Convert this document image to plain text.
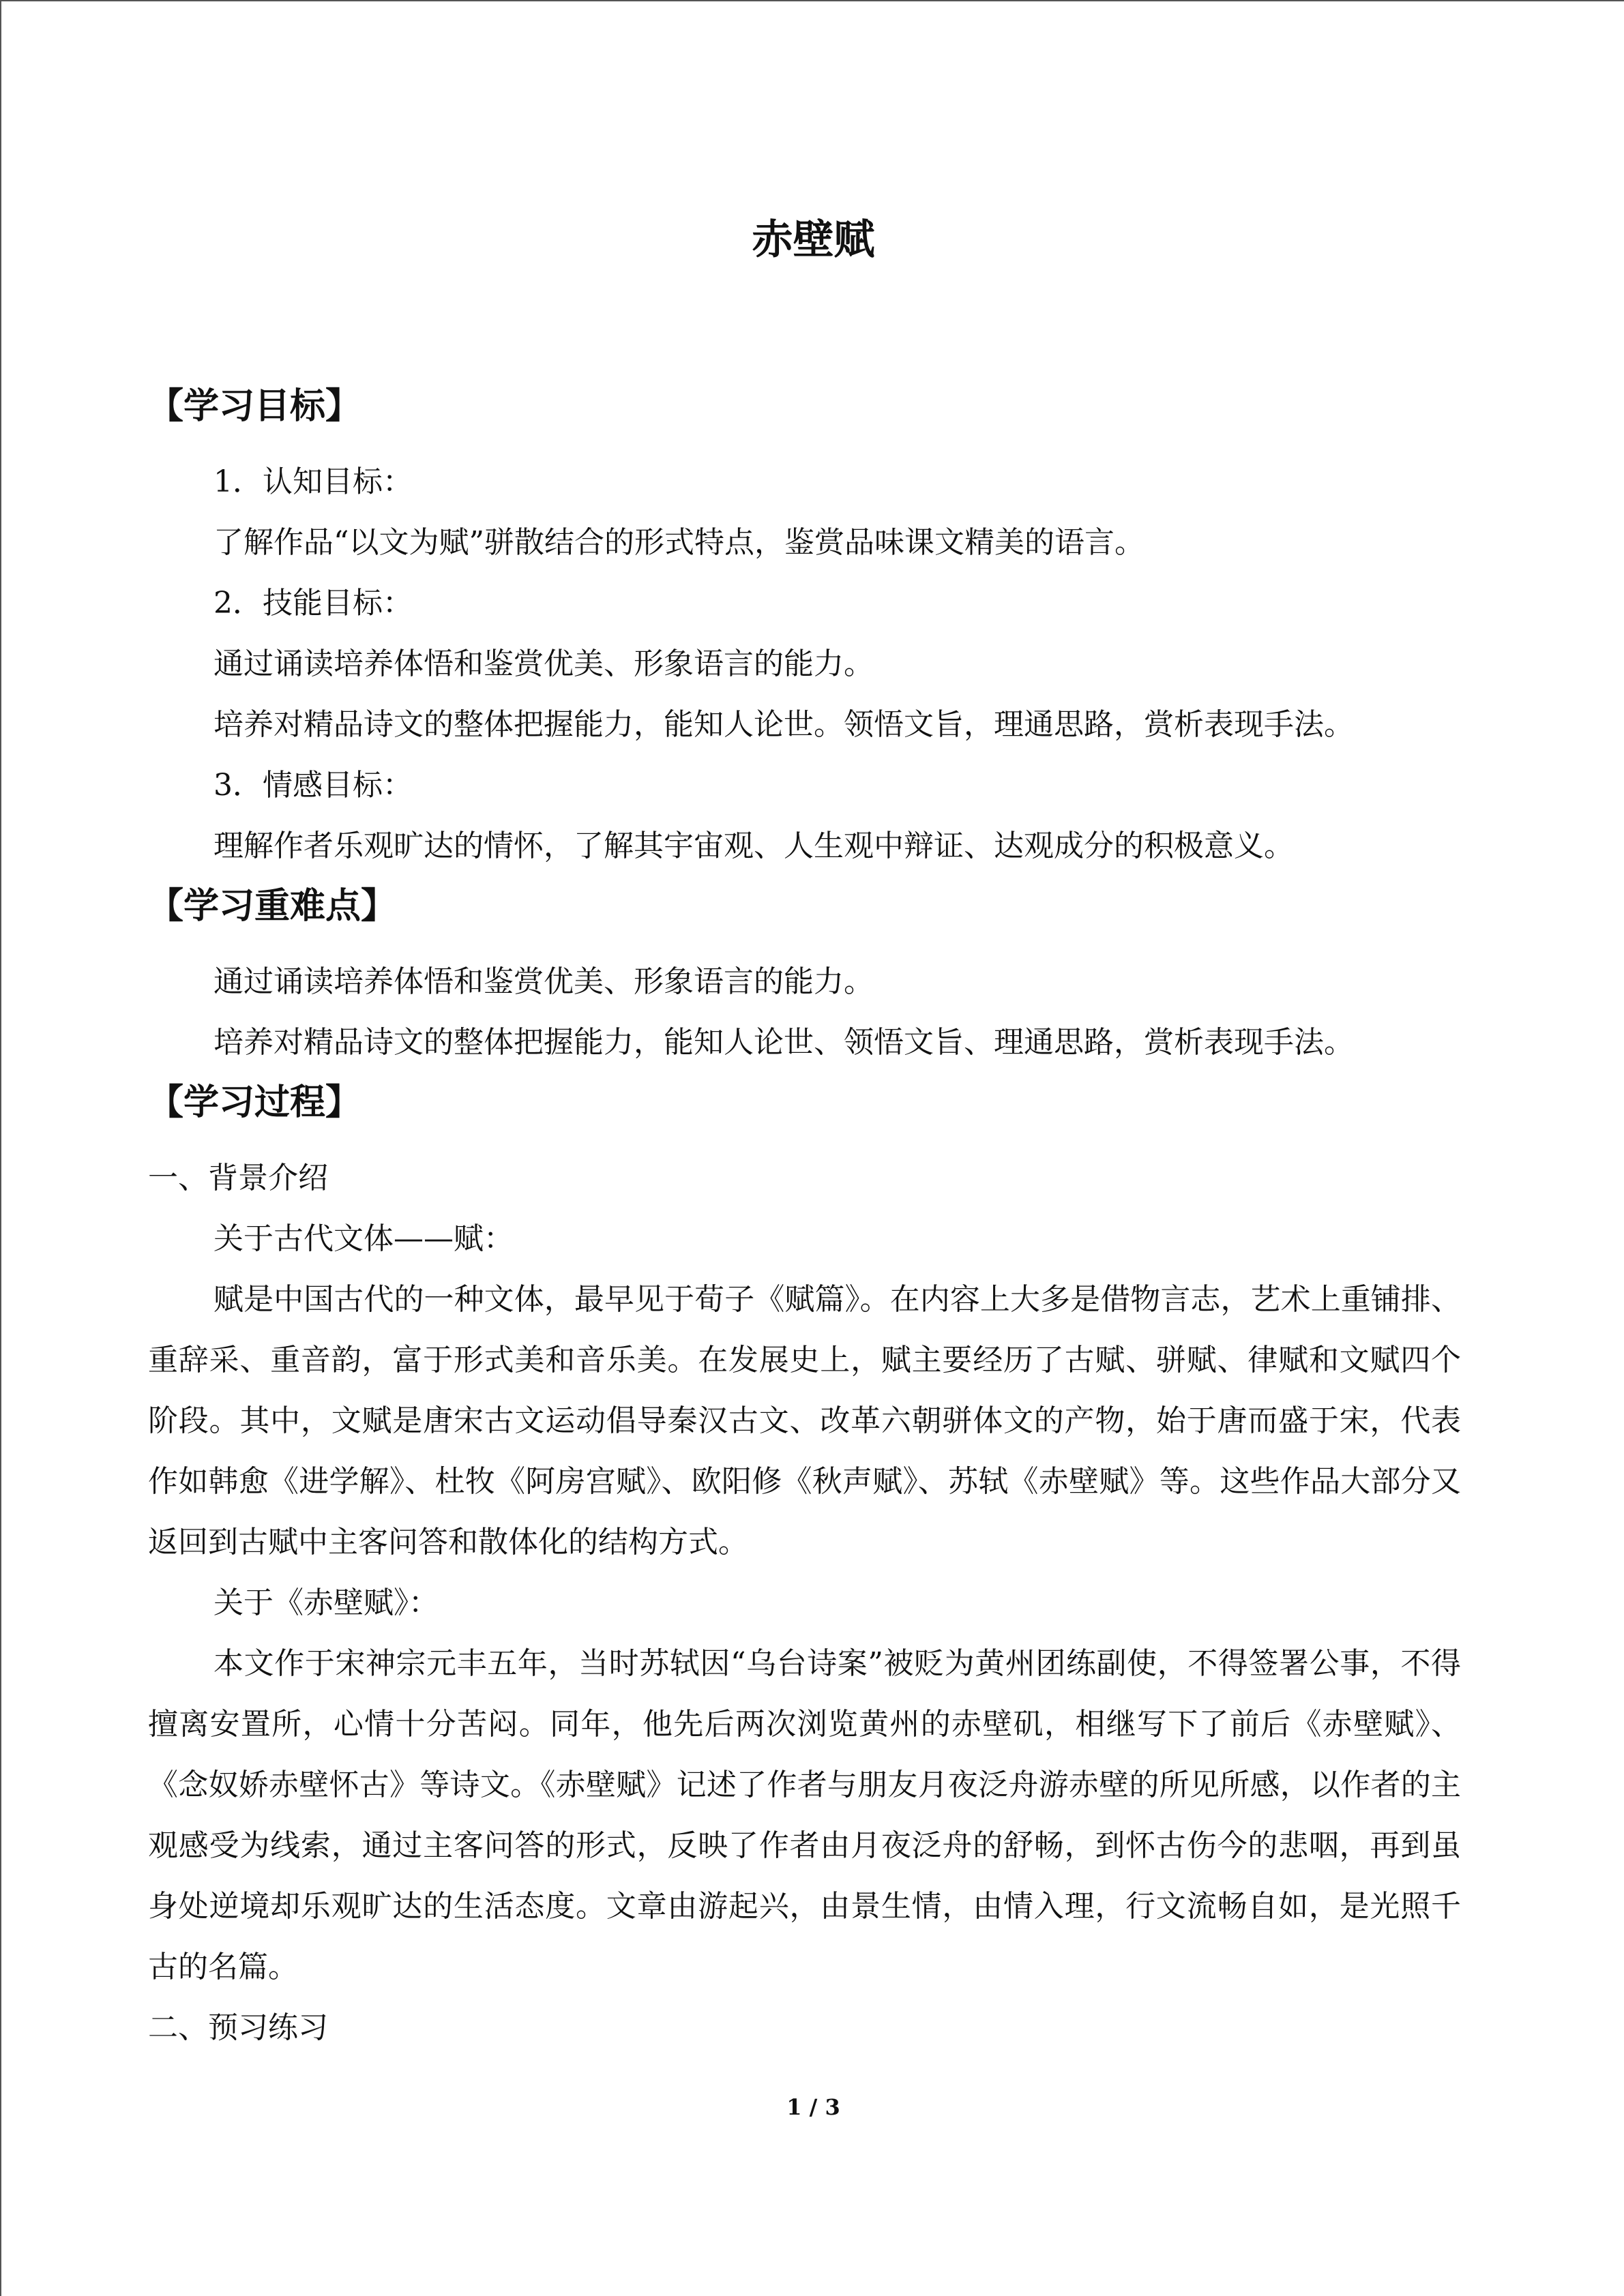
赤壁赋
【学习目标】

1．认知目标：

了解作品“以文为赋”骈散结合的形式特点，鉴赏品味课文精美的语言。

2．技能目标：

通过诵读培养体悟和鉴赏优美、形象语言的能力。

培养对精品诗文的整体把握能力，能知人论世。领悟文旨，理通思路，赏析表现手法。

3．情感目标：

理解作者乐观旷达的情怀，了解其宇宙观、人生观中辩证、达观成分的积极意义。

【学习重难点】

通过诵读培养体悟和鉴赏优美、形象语言的能力。

培养对精品诗文的整体把握能力，能知人论世、领悟文旨、理通思路，赏析表现手法。

【学习过程】

一、背景介绍

关于古代文体——赋：

赋是中国古代的一种文体，最早见于荀子《赋篇》。在内容上大多是借物言志，艺术上重铺排、重辞采、重音韵，富于形式美和音乐美。在发展史上，赋主要经历了古赋、骈赋、律赋和文赋四个阶段。其中，文赋是唐宋古文运动倡导秦汉古文、改革六朝骈体文的产物，始于唐而盛于宋，代表作如韩愈《进学解》、杜牧《阿房宫赋》、欧阳修《秋声赋》、苏轼《赤壁赋》等。这些作品大部分又返回到古赋中主客问答和散体化的结构方式。

关于《赤壁赋》：

本文作于宋神宗元丰五年，当时苏轼因“乌台诗案”被贬为黄州团练副使，不得签署公事，不得擅离安置所，心情十分苦闷。同年，他先后两次浏览黄州的赤壁矶，相继写下了前后《赤壁赋》、《念奴娇赤壁怀古》等诗文。《赤壁赋》记述了作者与朋友月夜泛舟游赤壁的所见所感，以作者的主观感受为线索，通过主客问答的形式，反映了作者由月夜泛舟的舒畅，到怀古伤今的悲咽，再到虽身处逆境却乐观旷达的生活态度。文章由游起兴，由景生情，由情入理，行文流畅自如，是光照千古的名篇。

二、预习练习

1 / 3
